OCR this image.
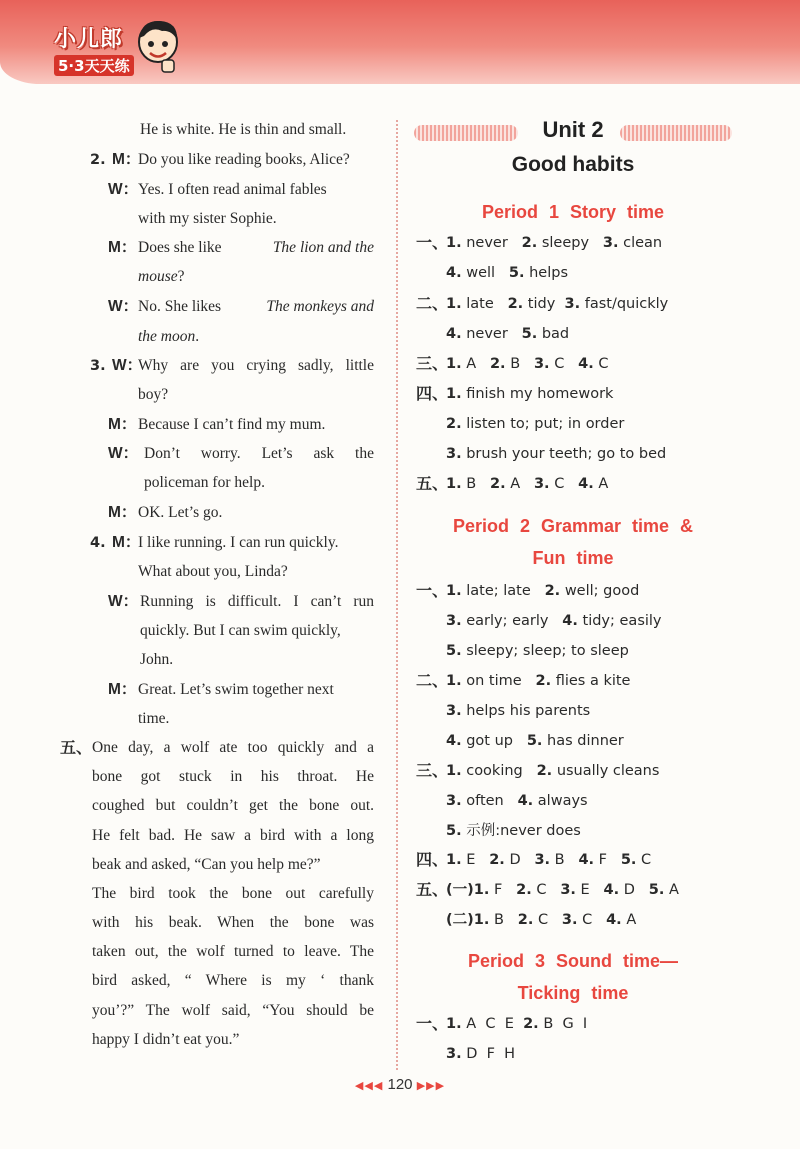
小儿郎
5·3天天练
He is white. He is thin and small.
2. M：
Do you like reading books, Alice?
W： Yes. I often read animal fables
with my sister Sophie.
M： Does she like	The lion and the
mouse?
W： No. She likes	The monkeys and
the moon.
3. W：
Why are you crying sadly, little
boy?
M： Because I can’t find my mum.
W： Don’t worry. Let’s ask the
policeman for help.
M： OK. Let’s go.
4. M：
I like running. I can run quickly.
What about you, Linda?
W： Running is difficult. I can’t run
quickly. But I can swim quickly,
John.
M： Great. Let’s swim together next
time.
五、 One day, a wolf ate too quickly and a
bone got stuck in his throat. He
coughed but couldn’t get the bone out.
He felt bad. He saw a bird with a long
beak and asked, “Can you help me?”
The bird took the bone out carefully
with his beak. When the bone was
taken out, the wolf turned to leave. The
bird asked, “ Where is my ‘ thank
you’?” The wolf said, “You should be
happy I didn’t eat you.”
Unit 2
Good habits
Period 1 Story time
一、
1. never 2. sleepy 3. clean
4. well 5. helps
二、
1. late 2. tidy 3. fast/quickly
4. never 5. bad
三、
1. A 2. B 3. C 4. C
四、
1. finish my homework
2. listen to; put; in order
3. brush your teeth; go to bed
五、
1. B 2. A 3. C 4. A
Period 2 Grammar time &
Fun time
一、
1. late; late 2. well; good
3. early; early 4. tidy; easily
5. sleepy; sleep; to sleep
二、
1. on time 2. flies a kite
3. helps his parents
4. got up 5. has dinner
三、
1. cooking 2. usually cleans
3. often 4. always
5. 示例:never does
四、
1. E 2. D 3. B 4. F 5. C
五、
(一)1. F 2. C 3. E 4. D 5. A
(二)1. B 2. C 3. C 4. A
Period 3 Sound time—
Ticking time
一、
1. A  C  E 2. B  G  I
3. D  F  H
◀◀◀ 120 ▶▶▶
